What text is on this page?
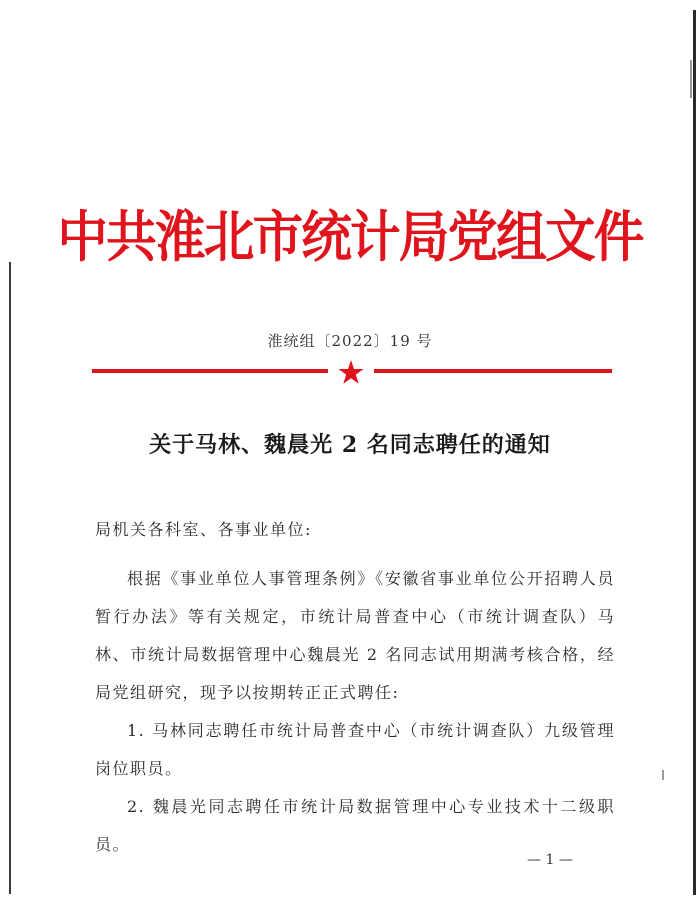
中共淮北市统计局党组文件
淮统组〔2022〕19 号
关于马林、魏晨光 2 名同志聘任的通知

局机关各科室、各事业单位:

根据《事业单位人事管理条例》《安徽省事业单位公开招聘人员暂行办法》等有关规定，市统计局普查中心（市统计调查队）马林、市统计局数据管理中心魏晨光 2 名同志试用期满考核合格，经局党组研究，现予以按期转正正式聘任:

1. 马林同志聘任市统计局普查中心（市统计调查队）九级管理岗位职员。

2. 魏晨光同志聘任市统计局数据管理中心专业技术十二级职员。

— 1 —
